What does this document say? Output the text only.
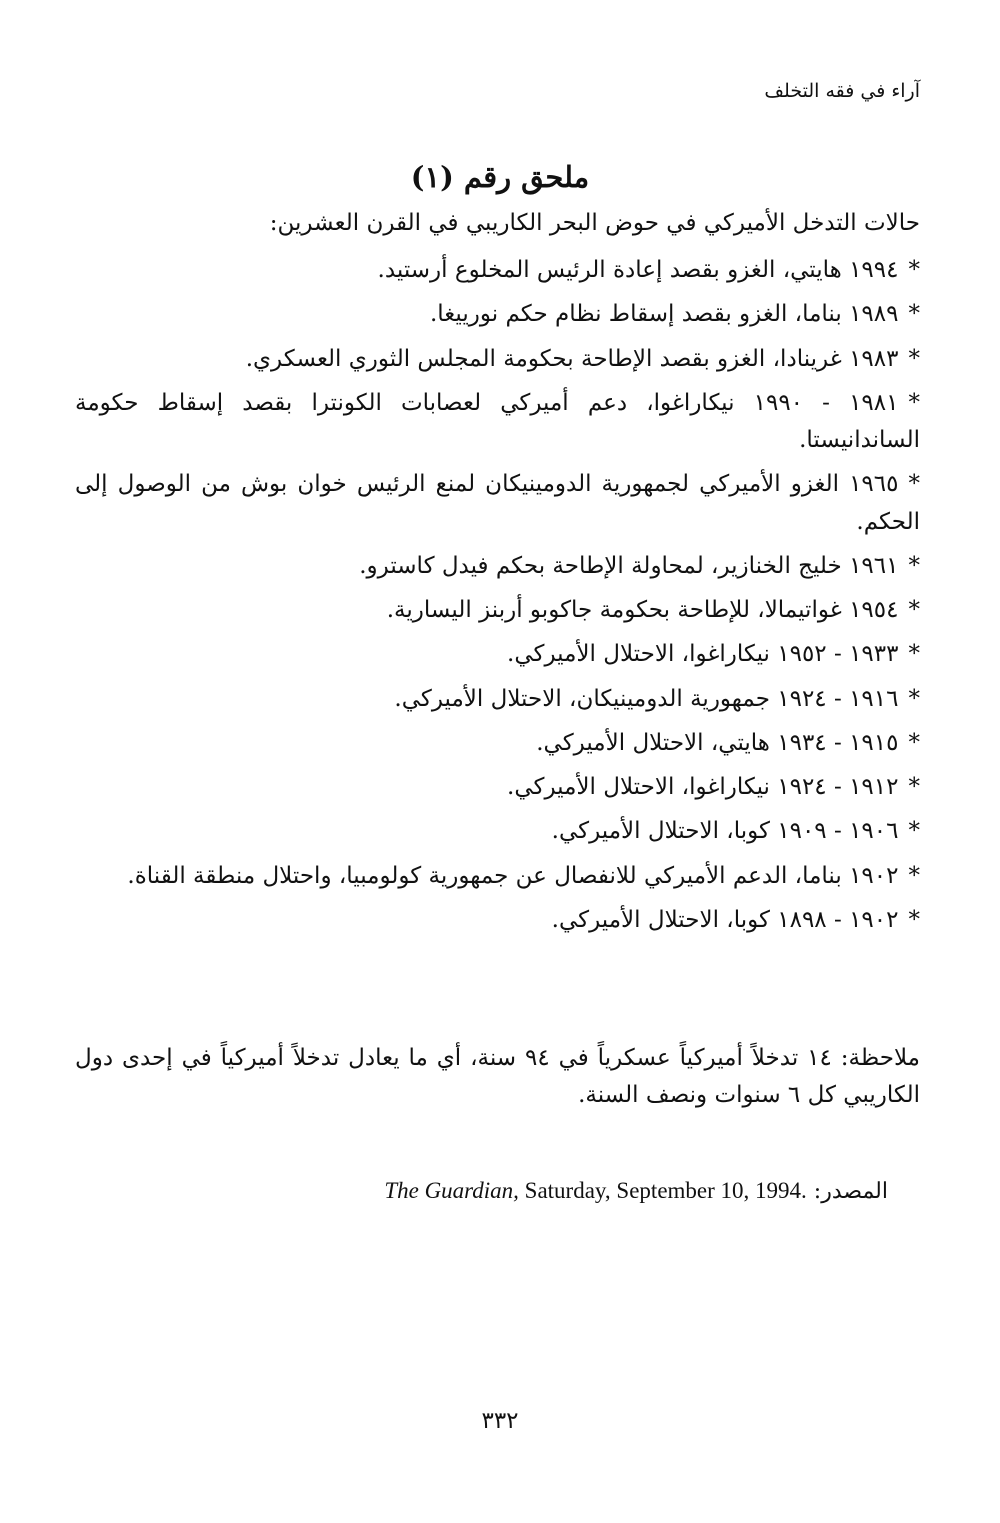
آراء في فقه التخلف
ملحق رقم (١)
حالات التدخل الأميركي في حوض البحر الكاريبي في القرن العشرين:
*١٩٩٤ هايتي، الغزو بقصد إعادة الرئيس المخلوع أرستيد.
*١٩٨٩ بناما، الغزو بقصد إسقاط نظام حكم نورييغا.
*١٩٨٣ غرينادا، الغزو بقصد الإطاحة بحكومة المجلس الثوري العسكري.
*١٩٨١ - ١٩٩٠ نيكاراغوا، دعم أميركي لعصابات الكونترا بقصد إسقاط حكومة الساندانيستا.
*١٩٦٥ الغزو الأميركي لجمهورية الدومينيكان لمنع الرئيس خوان بوش من الوصول إلى الحكم.
*١٩٦١ خليج الخنازير، لمحاولة الإطاحة بحكم فيدل كاسترو.
*١٩٥٤ غواتيمالا، للإطاحة بحكومة جاكوبو أربنز اليسارية.
*١٩٣٣ - ١٩٥٢ نيكاراغوا، الاحتلال الأميركي.
*١٩١٦ - ١٩٢٤ جمهورية الدومينيكان، الاحتلال الأميركي.
*١٩١٥ - ١٩٣٤ هايتي، الاحتلال الأميركي.
*١٩١٢ - ١٩٢٤ نيكاراغوا، الاحتلال الأميركي.
*١٩٠٦ - ١٩٠٩ كوبا، الاحتلال الأميركي.
*١٩٠٢ بناما، الدعم الأميركي للانفصال عن جمهورية كولومبيا، واحتلال منطقة القناة.
*١٩٠٢ - ١٨٩٨ كوبا، الاحتلال الأميركي.
ملاحظة: ١٤ تدخلاً أميركياً عسكرياً في ٩٤ سنة، أي ما يعادل تدخلاً أميركياً في إحدى دول الكاريبي كل ٦ سنوات ونصف السنة.
المصدر: The Guardian, Saturday, September 10, 1994.
٣٣٢
